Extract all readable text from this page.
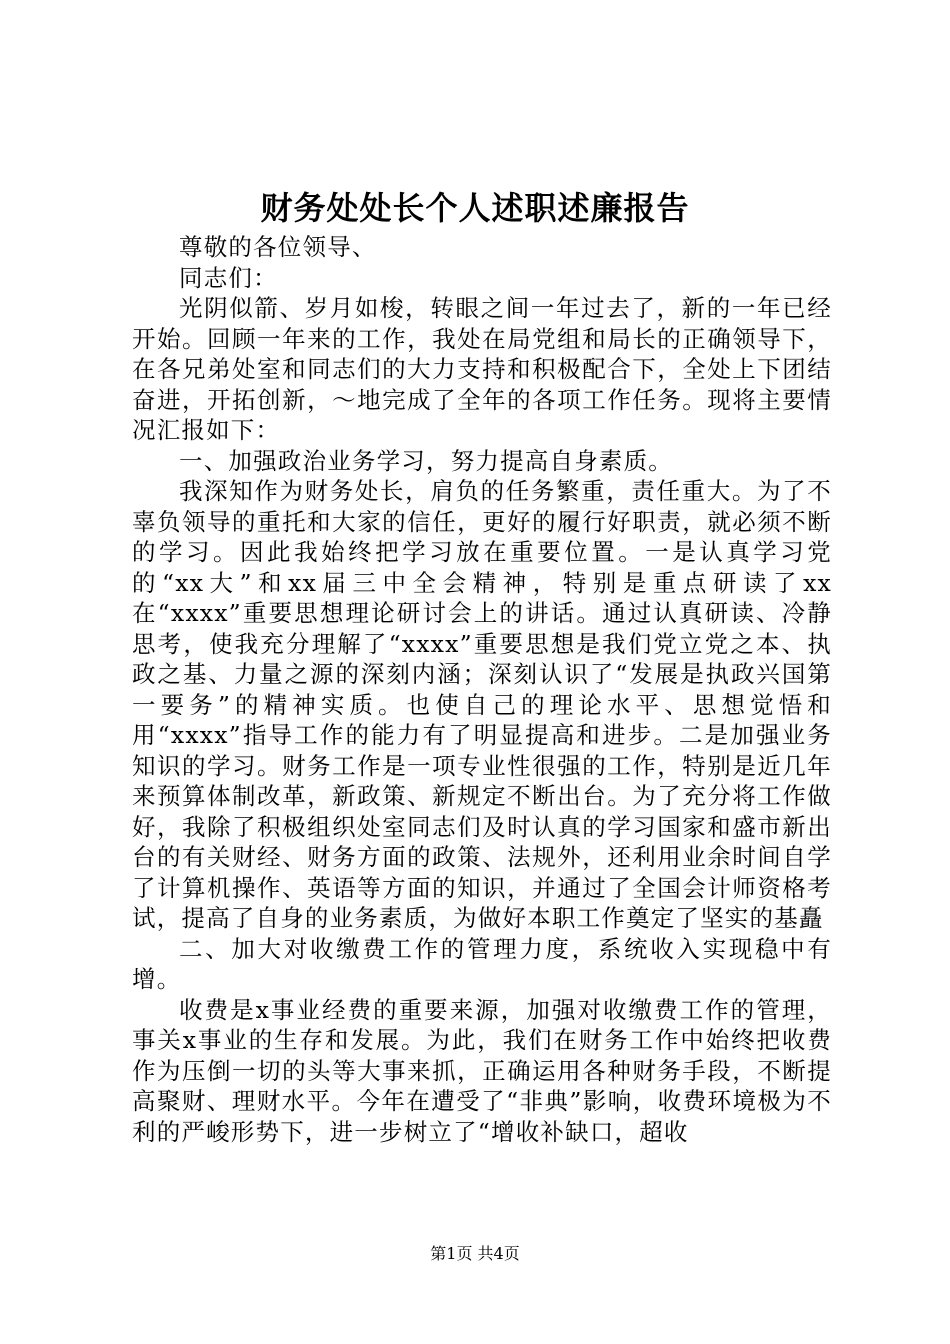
财务处处长个人述职述廉报告

尊敬的各位领导、

同志们：

光阴似箭、岁月如梭，转眼之间一年过去了，新的一年已经开始。回顾一年来的工作，我处在局党组和局长的正确领导下，在各兄弟处室和同志们的大力支持和积极配合下，全处上下团结奋进，开拓创新，～地完成了全年的各项工作任务。现将主要情况汇报如下：

一、加强政治业务学习，努力提高自身素质。

我深知作为财务处长，肩负的任务繁重，责任重大。为了不辜负领导的重托和大家的信任，更好的履行好职责，就必须不断的学习。因此我始终把学习放在重要位置。一是认真学习党的“xx大”和xx届三中全会精神，特别是重点研读了xx在“xxxx”重要思想理论研讨会上的讲话。通过认真研读、冷静思考，使我充分理解了“xxxx”重要思想是我们党立党之本、执政之基、力量之源的深刻内涵；深刻认识了“发展是执政兴国第一要务”的精神实质。也使自己的理论水平、思想觉悟和用“xxxx”指导工作的能力有了明显提高和进步。二是加强业务知识的学习。财务工作是一项专业性很强的工作，特别是近几年来预算体制改革，新政策、新规定不断出台。为了充分将工作做好，我除了积极组织处室同志们及时认真的学习国家和盛市新出台的有关财经、财务方面的政策、法规外，还利用业余时间自学了计算机操作、英语等方面的知识，并通过了全国会计师资格考试，提高了自身的业务素质，为做好本职工作奠定了坚实的基矗

二、加大对收缴费工作的管理力度，系统收入实现稳中有增。

收费是x事业经费的重要来源，加强对收缴费工作的管理，事关x事业的生存和发展。为此，我们在财务工作中始终把收费作为压倒一切的头等大事来抓，正确运用各种财务手段，不断提高聚财、理财水平。今年在遭受了“非典”影响，收费环境极为不利的严峻形势下，进一步树立了“增收补缺口，超收

第1页 共4页
